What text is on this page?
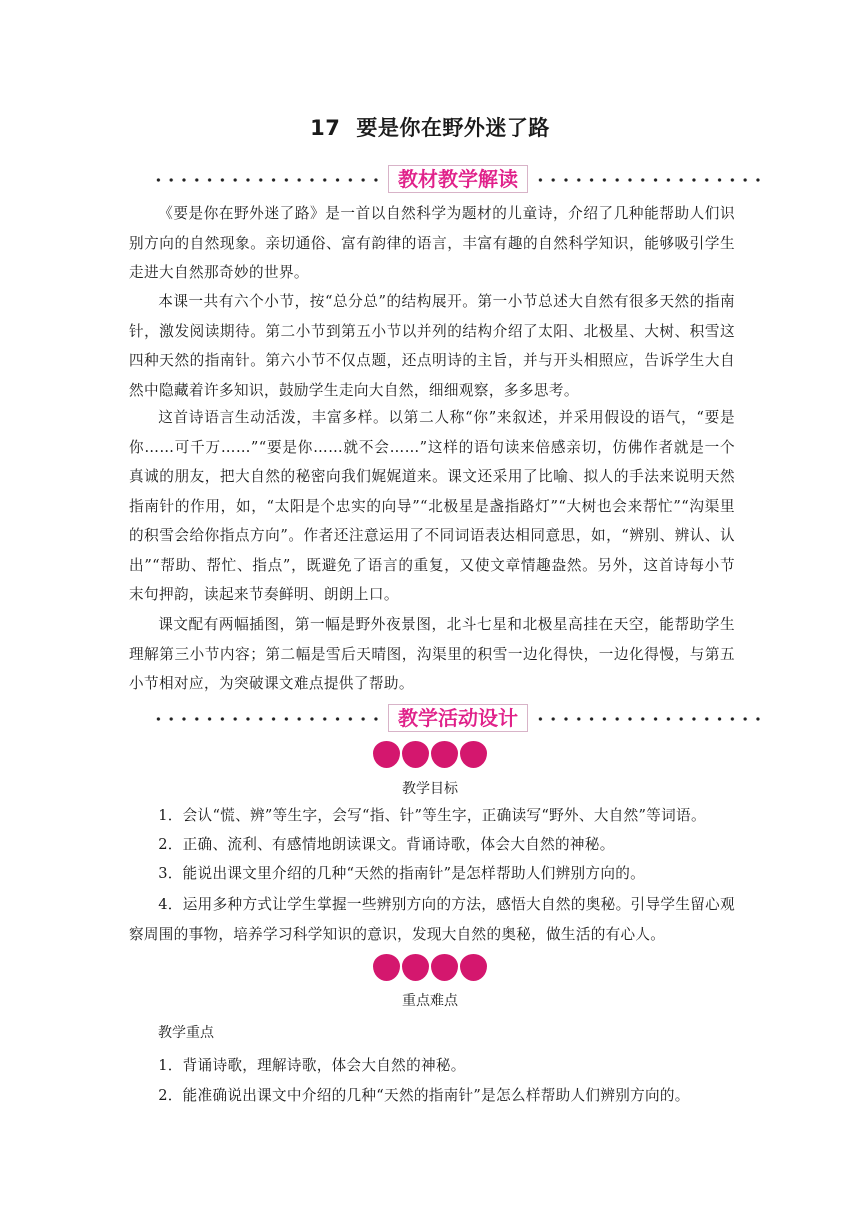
17 要是你在野外迷了路
教材教学解读

《要是你在野外迷了路》是一首以自然科学为题材的儿童诗，介绍了几种能帮助人们识别方向的自然现象。亲切通俗、富有韵律的语言，丰富有趣的自然科学知识，能够吸引学生走进大自然那奇妙的世界。

本课一共有六个小节，按“总分总”的结构展开。第一小节总述大自然有很多天然的指南针，激发阅读期待。第二小节到第五小节以并列的结构介绍了太阳、北极星、大树、积雪这四种天然的指南针。第六小节不仅点题，还点明诗的主旨，并与开头相照应，告诉学生大自然中隐藏着许多知识，鼓励学生走向大自然，细细观察，多多思考。

这首诗语言生动活泼，丰富多样。以第二人称“你”来叙述，并采用假设的语气，“要是你……可千万……”“要是你……就不会……”这样的语句读来倍感亲切，仿佛作者就是一个真诚的朋友，把大自然的秘密向我们娓娓道来。课文还采用了比喻、拟人的手法来说明天然指南针的作用，如，“太阳是个忠实的向导”“北极星是盏指路灯”“大树也会来帮忙”“沟渠里的积雪会给你指点方向”。作者还注意运用了不同词语表达相同意思，如，“辨别、辨认、认出”“帮助、帮忙、指点”，既避免了语言的重复，又使文章情趣盎然。另外，这首诗每小节末句押韵，读起来节奏鲜明、朗朗上口。

课文配有两幅插图，第一幅是野外夜景图，北斗七星和北极星高挂在天空，能帮助学生理解第三小节内容；第二幅是雪后天晴图，沟渠里的积雪一边化得快，一边化得慢，与第五小节相对应，为突破课文难点提供了帮助。

教学活动设计
教学目标

1．会认“慌、辨”等生字，会写“指、针”等生字，正确读写“野外、大自然”等词语。

2．正确、流利、有感情地朗读课文。背诵诗歌，体会大自然的神秘。

3．能说出课文里介绍的几种“天然的指南针”是怎样帮助人们辨别方向的。

4．运用多种方式让学生掌握一些辨别方向的方法，感悟大自然的奥秘。引导学生留心观察周围的事物，培养学习科学知识的意识，发现大自然的奥秘，做生活的有心人。

重点难点
教学重点

1．背诵诗歌，理解诗歌，体会大自然的神秘。

2．能准确说出课文中介绍的几种“天然的指南针”是怎么样帮助人们辨别方向的。
